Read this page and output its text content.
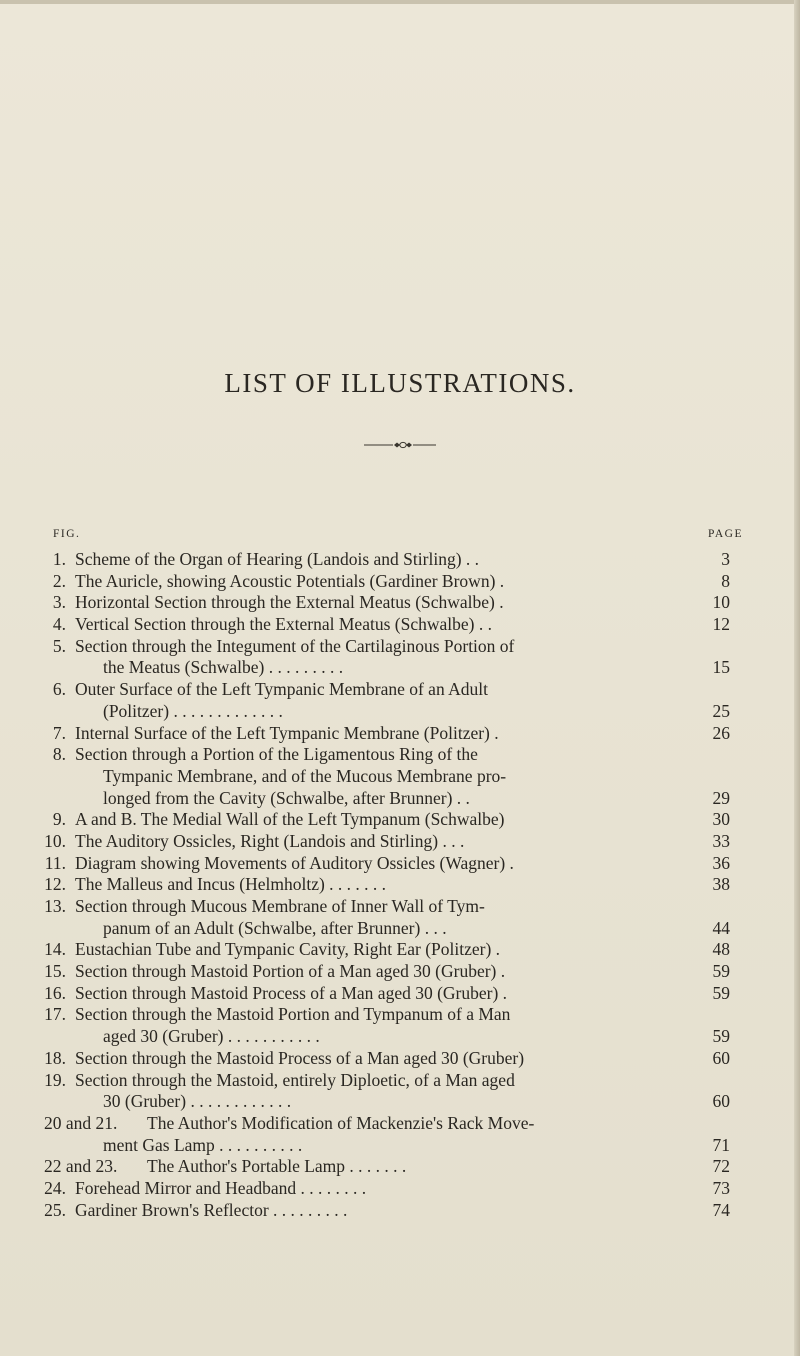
LIST OF ILLUSTRATIONS.
FIG.	PAGE
1. Scheme of the Organ of Hearing (Landois and Stirling) . .	3
2. The Auricle, showing Acoustic Potentials (Gardiner Brown) .	8
3. Horizontal Section through the External Meatus (Schwalbe) .	10
4. Vertical Section through the External Meatus (Schwalbe) . .	12
5. Section through the Integument of the Cartilaginous Portion of
the Meatus (Schwalbe) . . . . . . . . .	15
6. Outer Surface of the Left Tympanic Membrane of an Adult
(Politzer) . . . . . . . . . . . . .	25
7. Internal Surface of the Left Tympanic Membrane (Politzer) .	26
8. Section through a Portion of the Ligamentous Ring of the
Tympanic Membrane, and of the Mucous Membrane pro-
longed from the Cavity (Schwalbe, after Brunner) . .	29
9. A and B. The Medial Wall of the Left Tympanum (Schwalbe)	30
10. The Auditory Ossicles, Right (Landois and Stirling) . . .	33
11. Diagram showing Movements of Auditory Ossicles (Wagner) .	36
12. The Malleus and Incus (Helmholtz) . . . . . . .	38
13. Section through Mucous Membrane of Inner Wall of Tym-
panum of an Adult (Schwalbe, after Brunner) . . .	44
14. Eustachian Tube and Tympanic Cavity, Right Ear (Politzer) .	48
15. Section through Mastoid Portion of a Man aged 30 (Gruber) .	59
16. Section through Mastoid Process of a Man aged 30 (Gruber) .	59
17. Section through the Mastoid Portion and Tympanum of a Man
aged 30 (Gruber) . . . . . . . . . . .	59
18. Section through the Mastoid Process of a Man aged 30 (Gruber)	60
19. Section through the Mastoid, entirely Diploetic, of a Man aged
30 (Gruber) . . . . . . . . . . . .	60
20 and 21. The Author's Modification of Mackenzie's Rack Move-
ment Gas Lamp . . . . . . . . . .	71
22 and 23. The Author's Portable Lamp . . . . . . .	72
24. Forehead Mirror and Headband . . . . . . . .	73
25. Gardiner Brown's Reflector . . . . . . . . .	74
